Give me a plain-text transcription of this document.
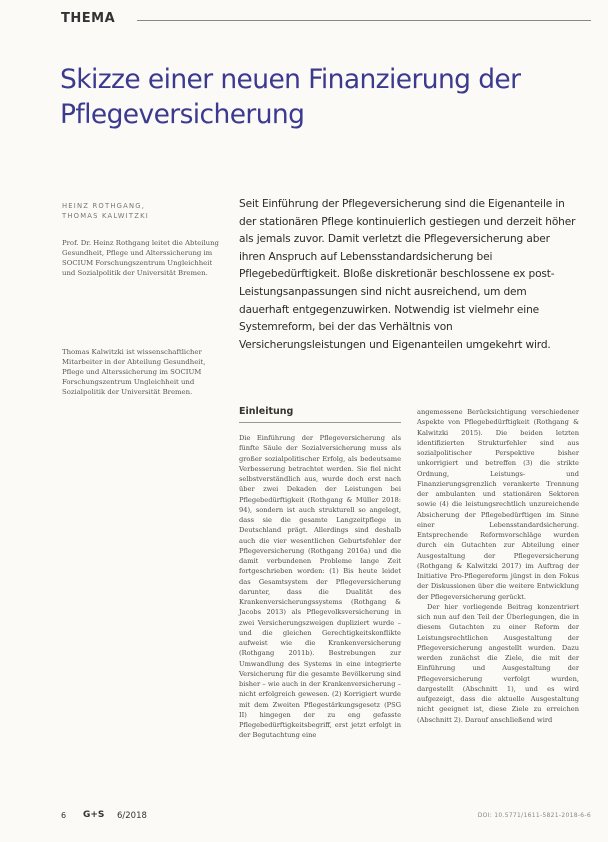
THEMA
Skizze einer neuen Finanzierung der Pflegeversicherung
HEINZ ROTHGANG,
THOMAS KALWITZKI
Prof. Dr. Heinz Rothgang leitet die Abteilung Gesundheit, Pflege und Alterssicherung im SOCIUM Forschungszentrum Ungleichheit und Sozialpolitik der Universität Bremen.
Thomas Kalwitzki ist wissenschaftlicher Mitarbeiter in der Abteilung Gesundheit, Pflege und Alterssicherung im SOCIUM Forschungszentrum Ungleichheit und Sozialpolitik der Universität Bremen.
Seit Einführung der Pflegeversicherung sind die Eigenanteile in der stationären Pflege kontinuierlich gestiegen und derzeit höher als jemals zuvor. Damit verletzt die Pflegeversicherung aber ihren Anspruch auf Lebensstandardsicherung bei Pflegebedürftigkeit. Bloße diskretionär beschlossene ex post-Leistungsanpassungen sind nicht ausreichend, um dem dauerhaft entgegenzuwirken. Notwendig ist vielmehr eine Systemreform, bei der das Verhältnis von Versicherungsleistungen und Eigenanteilen umgekehrt wird.
Einleitung

Die Einführung der Pflegeversicherung als fünfte Säule der Sozialversicherung muss als großer sozialpolitischer Erfolg, als bedeutsame Verbesserung betrachtet werden. Sie fiel nicht selbstverständlich aus, wurde doch erst nach über zwei Dekaden der Leistungen bei Pflegebedürftigkeit (Rothgang & Müller 2018: 94), sondern ist auch strukturell so angelegt, dass sie die gesamte Langzeitpflege in Deutschland prägt. Allerdings sind deshalb auch die vier wesentlichen Geburtsfehler der Pflegeversicherung (Rothgang 2016a) und die damit verbundenen Probleme lange Zeit fortgeschrieben worden: (1) Bis heute leidet das Gesamtsystem der Pflegeversicherung darunter, dass die Dualität des Krankenversicherungssystems (Rothgang & Jacobs 2013) als Pflegevolksversicherung in zwei Versicherungszweigen dupliziert wurde – und die gleichen Gerechtigkeitskonflikte aufweist wie die Krankenversicherung (Rothgang 2011b). Bestrebungen zur Umwandlung des Systems in eine integrierte Versicherung für die gesamte Bevölkerung sind bisher – wie auch in der Krankenversicherung – nicht erfolgreich gewesen. (2) Korrigiert wurde mit dem Zweiten Pflegestärkungsgesetz (PSG II) hingegen der zu eng gefasste Pflegebedürftigkeitsbegriff, erst jetzt erfolgt in der Begutachtung eine

angemessene Berücksichtigung verschiedener Aspekte von Pflegebedürftigkeit (Rothgang & Kalwitzki 2015). Die beiden letzten identifizierten Strukturfehler sind aus sozialpolitischer Perspektive bisher unkorrigiert und betreffen (3) die strikte Ordnung, Leistungs- und Finanzierungsgrenzlich verankerte Trennung der ambulanten und stationären Sektoren sowie (4) die leistungsrechtlich unzureichende Absicherung der Pflegebedürftigen im Sinne einer Lebensstandardsicherung. Entsprechende Reformvorschläge wurden durch ein Gutachten zur Abteilung einer Ausgestaltung der Pflegeversicherung (Rothgang & Kalwitzki 2017) im Auftrag der Initiative Pro-Pflegereform jüngst in den Fokus der Diskussionen über die weitere Entwicklung der Pflegeversicherung gerückt.

Der hier vorliegende Beitrag konzentriert sich nun auf den Teil der Überlegungen, die in diesem Gutachten zu einer Reform der Leistungsrechtlichen Ausgestaltung der Pflegeversicherung angestellt wurden. Dazu werden zunächst die Ziele, die mit der Einführung und Ausgestaltung der Pflegeversicherung verfolgt wurden, dargestellt (Abschnitt 1), und es wird aufgezeigt, dass die aktuelle Ausgestaltung nicht geeignet ist, diese Ziele zu erreichen (Abschnitt 2). Darauf anschließend wird

6 G+S 6/2018	DOI: 10.5771/1611-5821-2018-6-6
